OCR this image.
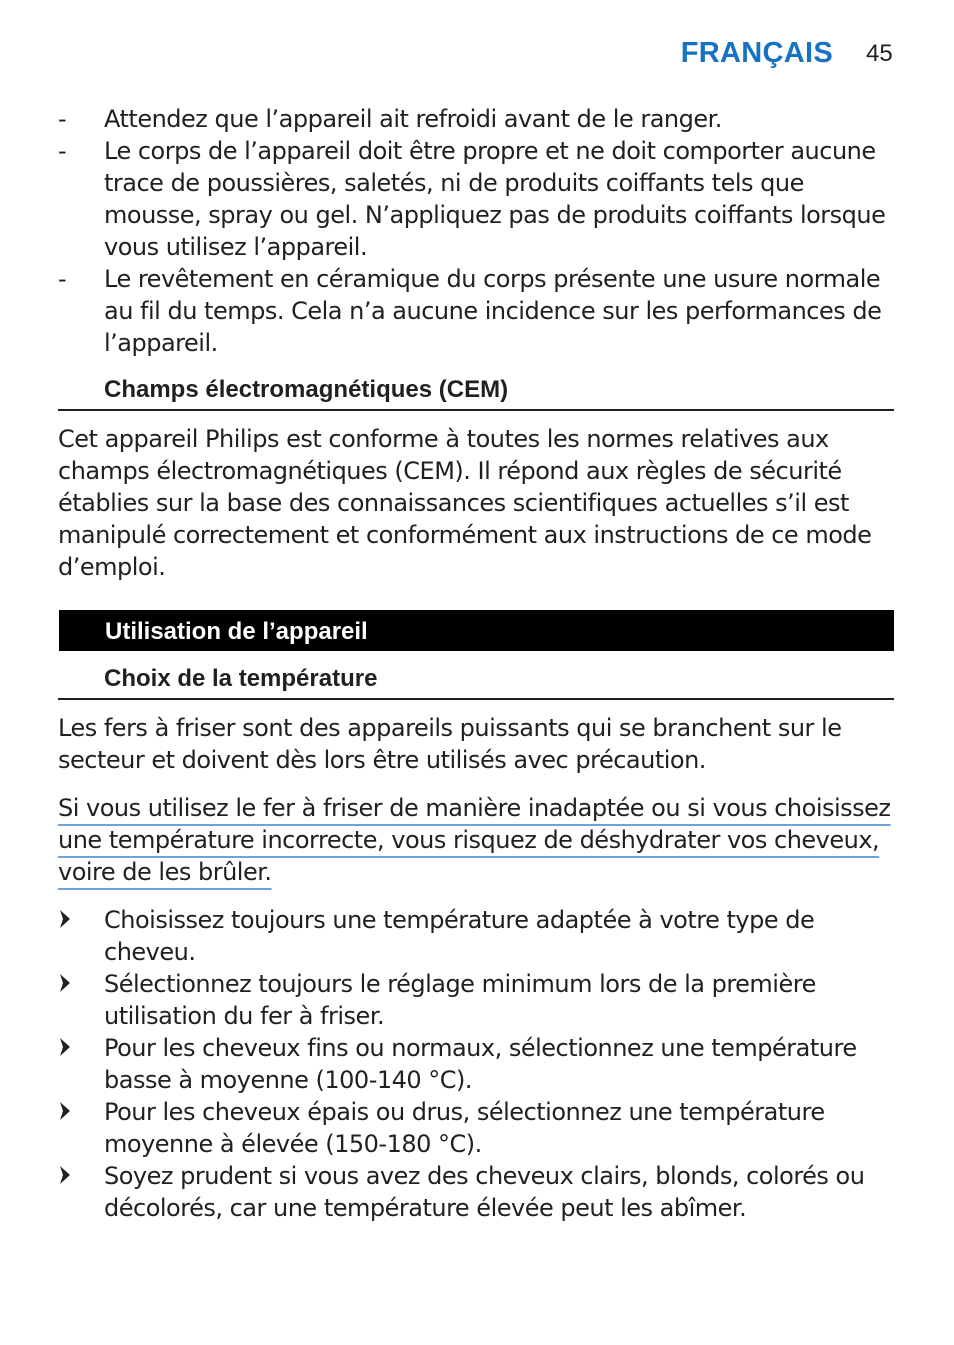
FRANÇAIS 45
- Attendez que l’appareil ait refroidi avant de le ranger.
- Le corps de l’appareil doit être propre et ne doit comporter aucune trace de poussières, saletés, ni de produits coiffants tels que mousse, spray ou gel. N’appliquez pas de produits coiffants lorsque vous utilisez l’appareil.
- Le revêtement en céramique du corps présente une usure normale au fil du temps. Cela n’a aucune incidence sur les performances de l’appareil.
Champs électromagnétiques (CEM)

Cet appareil Philips est conforme à toutes les normes relatives aux champs électromagnétiques (CEM). Il répond aux règles de sécurité établies sur la base des connaissances scientifiques actuelles s’il est manipulé correctement et conformément aux instructions de ce mode d’emploi.

Utilisation de l’appareil
Choix de la température

Les fers à friser sont des appareils puissants qui se branchent sur le secteur et doivent dès lors être utilisés avec précaution.

Si vous utilisez le fer à friser de manière inadaptée ou si vous choisissez une température incorrecte, vous risquez de déshydrater vos cheveux, voire de les brûler.

Choisissez toujours une température adaptée à votre type de cheveu.
Sélectionnez toujours le réglage minimum lors de la première utilisation du fer à friser.
Pour les cheveux fins ou normaux, sélectionnez une température basse à moyenne (100-140 °C).
Pour les cheveux épais ou drus, sélectionnez une température moyenne à élevée (150-180 °C).
Soyez prudent si vous avez des cheveux clairs, blonds, colorés ou décolorés, car une température élevée peut les abîmer.
